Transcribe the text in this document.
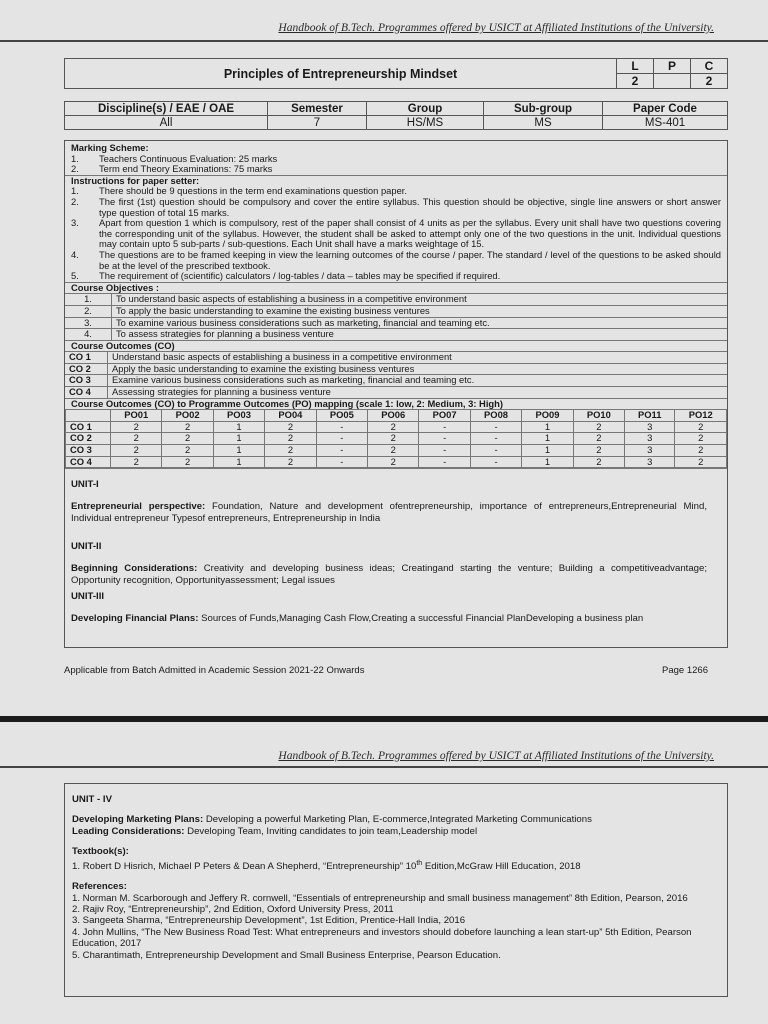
Handbook of B.Tech. Programmes offered by USICT at Affiliated Institutions of the University.
Principles of Entrepreneurship Mindset	L	P	C
	2		2
Discipline(s) / EAE / OAE	Semester	Group	Sub-group	Paper Code
All	7	HS/MS	MS	MS-401
Marking Scheme:
1.	Teachers Continuous Evaluation: 25 marks
2.	Term end Theory Examinations: 75 marks
Instructions for paper setter:
1.	There should be 9 questions in the term end examinations question paper.
2.	The first (1st) question should be compulsory and cover the entire syllabus. This question should be objective, single line answers or short answer type question of total 15 marks.
3.	Apart from question 1 which is compulsory, rest of the paper shall consist of 4 units as per the syllabus. Every unit shall have two questions covering the corresponding unit of the syllabus. However, the student shall be asked to attempt only one of the two questions in the unit. Individual questions may contain upto 5 sub-parts / sub-questions. Each Unit shall have a marks weightage of 15.
4.	The questions are to be framed keeping in view the learning outcomes of the course / paper. The standard / level of the questions to be asked should be at the level of the prescribed textbook.
5.	The requirement of (scientific) calculators / log-tables / data – tables may be specified if required.
Course Objectives :
1.	To understand basic aspects of establishing a business in a competitive environment
2.	To apply the basic understanding to examine the existing business ventures
3.	To examine various business considerations such as marketing, financial and teaming etc.
4.	To assess strategies for planning a business venture
Course Outcomes (CO)
CO 1	Understand basic aspects of establishing a business in a competitive environment
CO 2	Apply the basic understanding to examine the existing business ventures
CO 3	Examine various business considerations such as marketing, financial and teaming etc.
CO 4	Assessing strategies for planning a business venture
Course Outcomes (CO) to Programme Outcomes (PO) mapping (scale 1: low, 2: Medium, 3: High)
	PO01	PO02	PO03	PO04	PO05	PO06	PO07	PO08	PO09	PO10	PO11	PO12
CO 1	2	2	1	2	-	2	-	-	1	2	3	2
CO 2	2	2	1	2	-	2	-	-	1	2	3	2
CO 3	2	2	1	2	-	2	-	-	1	2	3	2
CO 4	2	2	1	2	-	2	-	-	1	2	3	2
UNIT-I
Entrepreneurial perspective: Foundation, Nature and development ofentrepreneurship, importance of entrepreneurs,Entrepreneurial Mind, Individual entrepreneur Typesof entrepreneurs, Entrepreneurship in India
UNIT-II
Beginning Considerations: Creativity and developing business ideas; Creatingand starting the venture; Building a competitiveadvantage; Opportunity recognition, Opportunityassessment; Legal issues
UNIT-III
Developing Financial Plans: Sources of Funds,Managing Cash Flow,Creating a successful Financial PlanDeveloping a business plan
Applicable from Batch Admitted in Academic Session 2021-22 Onwards	Page 1266
Handbook of B.Tech. Programmes offered by USICT at Affiliated Institutions of the University.

UNIT - IV

Developing Marketing Plans: Developing a powerful Marketing Plan, E-commerce,Integrated Marketing Communications

Leading Considerations: Developing Team, Inviting candidates to join team,Leadership model

Textbook(s):

1. Robert D Hisrich, Michael P Peters & Dean A Shepherd, “Entrepreneurship” 10th Edition,McGraw Hill Education, 2018

References:

1. Norman M. Scarborough and Jeffery R. cornwell, “Essentials of entrepreneurship and small business management” 8th Edition, Pearson, 2016

2. Rajiv Roy, “Entrepreneurship”, 2nd Edition, Oxford University Press, 2011

3. Sangeeta Sharma, “Entrepreneurship Development”, 1st Edition, Prentice-Hall India, 2016

4. John Mullins, “The New Business Road Test: What entrepreneurs and investors should dobefore launching a lean start-up” 5th Edition, Pearson Education, 2017

5. Charantimath, Entrepreneurship Development and Small Business Enterprise, Pearson Education.
